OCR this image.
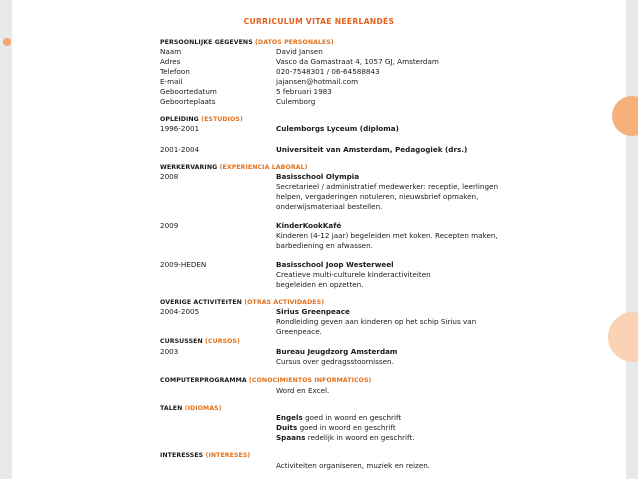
CURRICULUM VITAE NEERLANDÉS
PERSOONLIJKE GEGEVENS (DATOS PERSONALES)
Naam	David Jansen
Adres	Vasco da Gamastraat 4, 1057 GJ, Amsterdam
Telefoon	020-7548301 / 06-64588843
E-mail	jajansen@hotmail.com
Geboortedatum	5 februari 1983
Geboorteplaats	Culemborg
OPLEIDING (ESTUDIOS)
1996-2001	Culemborgs Lyceum (diploma)
2001-2004	Universiteit van Amsterdam, Pedagogiek (drs.)
WERKERVARING (EXPERIENCIA LABORAL)
2008	Basisschool Olympia
Secretarieel / administratief medewerker: receptie, leerlingen
helpen, vergaderingen notuleren, nieuwsbrief opmaken,
onderwijsmateriaal bestellen.
2009	KinderKookKafé
Kinderen (4-12 jaar) begeleiden met koken. Recepten maken,
barbediening en afwassen.
2009-HEDEN	Basisschool Joop Westerweel
Creatieve multi-culturele kinderactiviteiten
begeleiden en opzetten.
OVERIGE ACTIVITEITEN (OTRAS ACTIVIDADES)
2004-2005	Sirius Greenpeace
Rondleiding geven aan kinderen op het schip Sirius van
Greenpeace.
CURSUSSEN (CURSOS)
2003	Bureau Jeugdzorg Amsterdam
Cursus over gedragsstoornissen.
COMPUTERPROGRAMMA (CONOCIMIENTOS INFORMÁTICOS)
Word en Excel.
TALEN (IDIOMAS)
Engels goed in woord en geschrift
Duits goed in woord en geschrift
Spaans redelijk in woord en geschrift.
INTERESSES (INTERESES)
Activiteiten organiseren, muziek en reizen.
